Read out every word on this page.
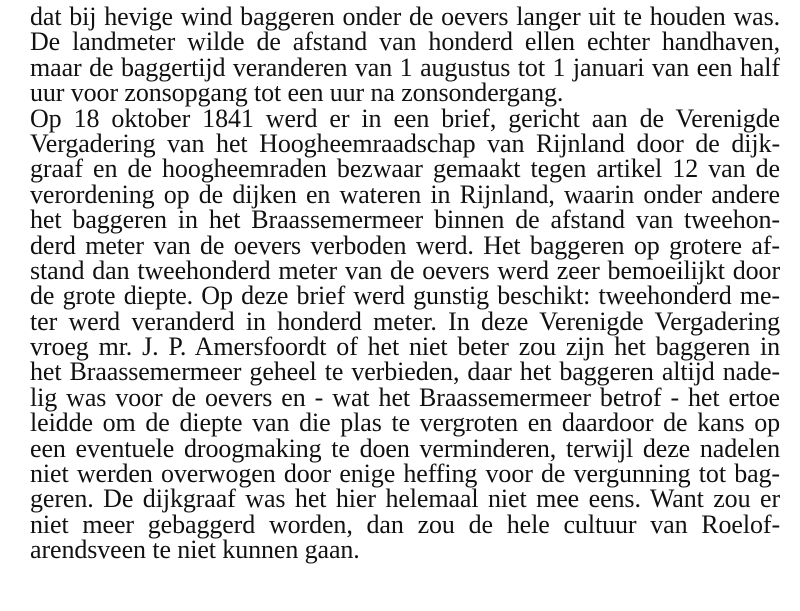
dat bij hevige wind baggeren onder de oevers langer uit te houden was.
De landmeter wilde de afstand van honderd ellen echter handhaven,
maar de baggertijd veranderen van 1 augustus tot 1 januari van een half
uur voor zonsopgang tot een uur na zonsondergang.
Op 18 oktober 1841 werd er in een brief, gericht aan de Verenigde
Vergadering van het Hoogheemraadschap van Rijnland door de dijk-
graaf en de hoogheemraden bezwaar gemaakt tegen artikel 12 van de
verordening op de dijken en wateren in Rijnland, waarin onder andere
het baggeren in het Braassemermeer binnen de afstand van tweehon-
derd meter van de oevers verboden werd. Het baggeren op grotere af-
stand dan tweehonderd meter van de oevers werd zeer bemoeilijkt door
de grote diepte. Op deze brief werd gunstig beschikt: tweehonderd me-
ter werd veranderd in honderd meter. In deze Verenigde Vergadering
vroeg mr. J. P. Amersfoordt of het niet beter zou zijn het baggeren in
het Braassemermeer geheel te verbieden, daar het baggeren altijd nade-
lig was voor de oevers en - wat het Braassemermeer betrof - het ertoe
leidde om de diepte van die plas te vergroten en daardoor de kans op
een eventuele droogmaking te doen verminderen, terwijl deze nadelen
niet werden overwogen door enige heffing voor de vergunning tot bag-
geren. De dijkgraaf was het hier helemaal niet mee eens. Want zou er
niet meer gebaggerd worden, dan zou de hele cultuur van Roelof-
arendsveen te niet kunnen gaan.
